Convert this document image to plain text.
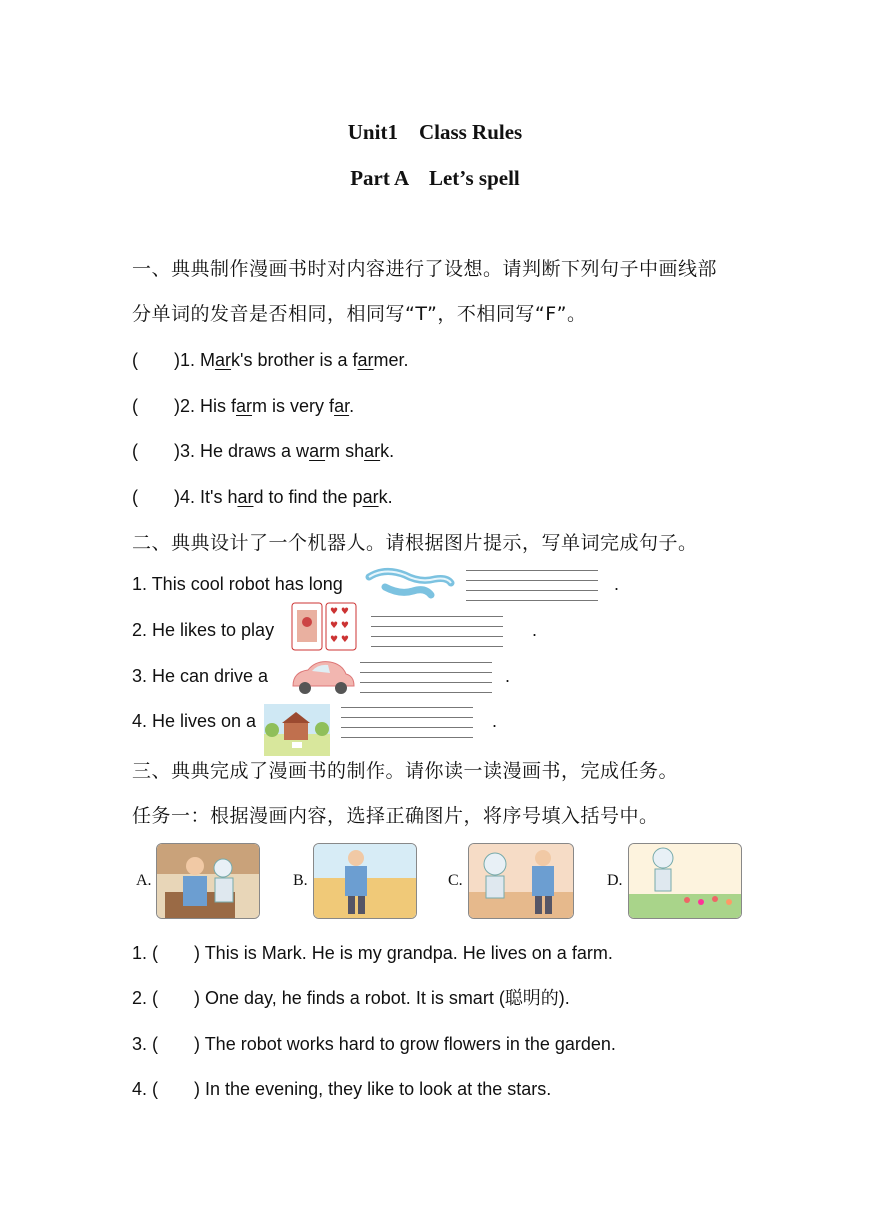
Unit1　Class Rules
Part A　Let’s spell
一、典典制作漫画书时对内容进行了设想。请判断下列句子中画线部
分单词的发音是否相同，相同写“T”，不相同写“F”。
(　　)1. Mark's brother is a farmer.
(　　)2. His farm is very far.
(　　)3. He draws a warm shark.
(　　)4. It's hard to find the park.
二、典典设计了一个机器人。请根据图片提示，写单词完成句子。
1. This cool robot has long	.
2. He likes to play
♥ ♥
♥ ♥
♥ ♥	.
3. He can drive a	.
4. He lives on a	.
三、典典完成了漫画书的制作。请你读一读漫画书，完成任务。
任务一：根据漫画内容，选择正确图片，将序号填入括号中。
A.	B.	C.	D.
1. (　　) This is Mark. He is my grandpa. He lives on a farm.
2. (　　) One day, he finds a robot. It is smart (聪明的).
3. (　　) The robot works hard to grow flowers in the garden.
4. (　　) In the evening, they like to look at the stars.
